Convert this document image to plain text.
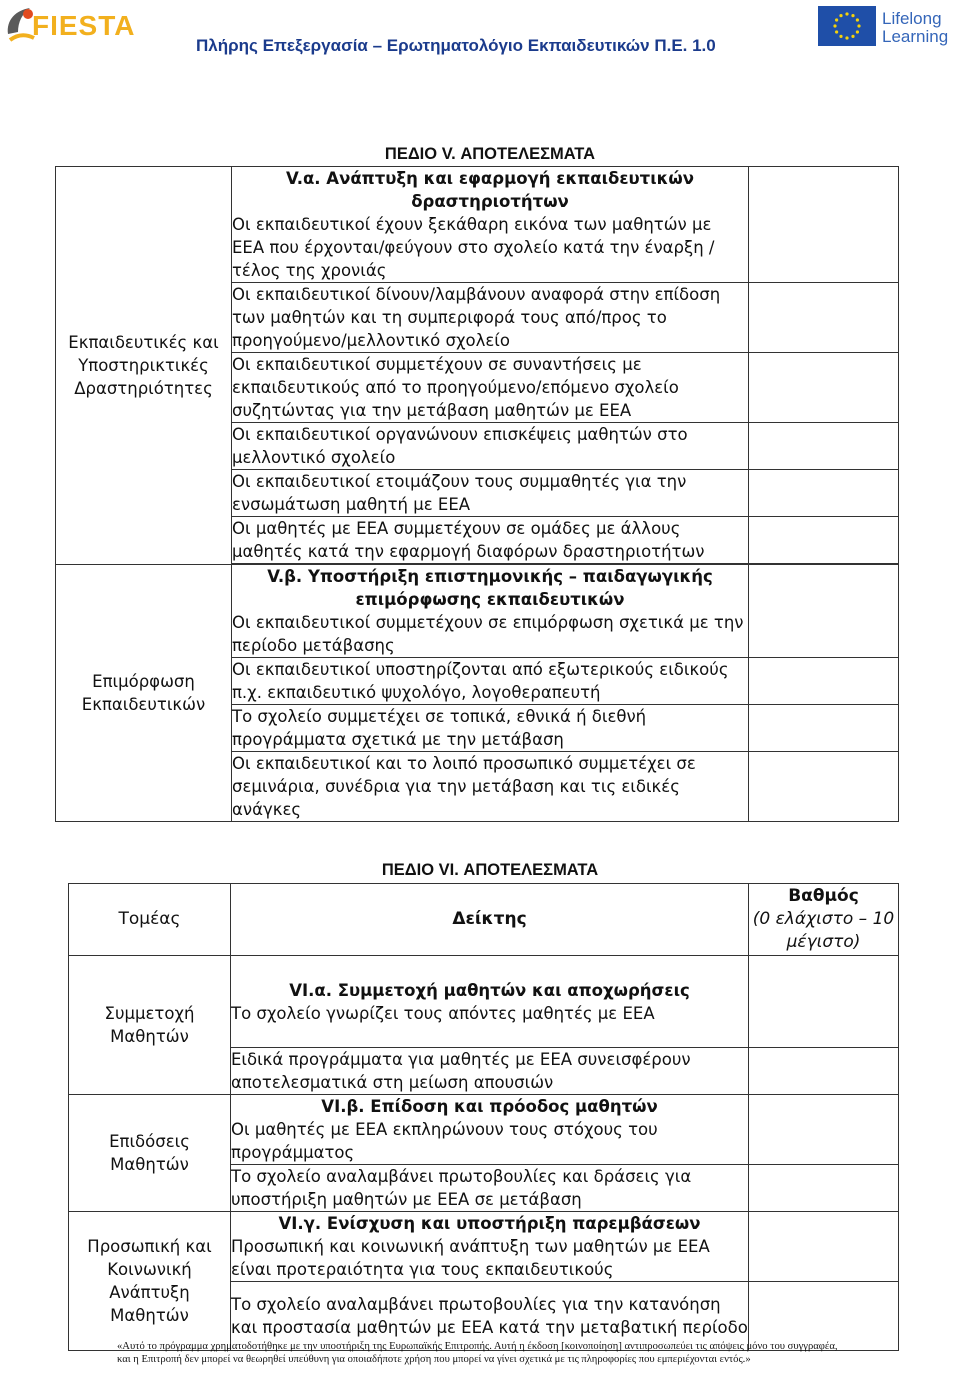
FIESTA
Πλήρης Επεξεργασία – Ερωτηματολόγιο Εκπαιδευτικών Π.Ε. 1.0
Lifelong
Learning
ΠΕΔΙΟ V. ΑΠΟΤΕΛΕΣΜΑΤΑ
Εκπαιδευτικές και Υποστηρικτικές Δραστηριότητες	V.α. Ανάπτυξη και εφαρμογή εκπαιδευτικών δραστηριοτήτων
Οι εκπαιδευτικοί έχουν ξεκάθαρη εικόνα των μαθητών με ΕΕΑ που έρχονται/φεύγουν στο σχολείο κατά την έναρξη /τέλος της χρονιάς	

	Οι εκπαιδευτικοί δίνουν/λαμβάνουν αναφορά στην επίδοση των μαθητών και τη συμπεριφορά τους από/προς το προηγούμενο/μελλοντικό σχολείο	
	Οι εκπαιδευτικοί συμμετέχουν σε συναντήσεις με εκπαιδευτικούς από το προηγούμενο/επόμενο σχολείο συζητώντας για την μετάβαση μαθητών με ΕΕΑ	
	Οι εκπαιδευτικοί οργανώνουν επισκέψεις μαθητών στο μελλοντικό σχολείο	
	Οι εκπαιδευτικοί ετοιμάζουν τους συμμαθητές για την ενσωμάτωση μαθητή με ΕΕΑ	
	Οι μαθητές με ΕΕΑ συμμετέχουν σε ομάδες με άλλους μαθητές κατά την εφαρμογή διαφόρων δραστηριοτήτων	

Επιμόρφωση Εκπαιδευτικών	V.β. Υποστήριξη επιστημονικής – παιδαγωγικής επιμόρφωσης εκπαιδευτικών
Οι εκπαιδευτικοί συμμετέχουν σε επιμόρφωση σχετικά με την περίοδο μετάβασης	

	Οι εκπαιδευτικοί υποστηρίζονται από εξωτερικούς ειδικούς π.χ. εκπαιδευτικό ψυχολόγο, λογοθεραπευτή	
	Το σχολείο συμμετέχει σε τοπικά, εθνικά ή διεθνή προγράμματα σχετικά με την μετάβαση	
	Οι εκπαιδευτικοί και το λοιπό προσωπικό συμμετέχει σε σεμινάρια, συνέδρια για την μετάβαση και τις ειδικές ανάγκες	
ΠΕΔΙΟ VI. ΑΠΟΤΕΛΕΣΜΑΤΑ
Τομέας	Δείκτης	Βαθμός
(0 ελάχιστο – 10 μέγιστο)

Συμμετοχή Μαθητών	VI.α. Συμμετοχή μαθητών και αποχωρήσεις
Το σχολείο γνωρίζει τους απόντες μαθητές με ΕΕΑ	

	Ειδικά προγράμματα για μαθητές με ΕΕΑ συνεισφέρουν αποτελεσματικά στη μείωση απουσιών	
Επιδόσεις Μαθητών	VI.β. Επίδοση και πρόοδος μαθητών
Οι μαθητές με ΕΕΑ εκπληρώνουν τους στόχους του προγράμματος	

	Το σχολείο αναλαμβάνει πρωτοβουλίες και δράσεις για υποστήριξη μαθητών με ΕΕΑ σε μετάβαση	
Προσωπική και Κοινωνική Ανάπτυξη Μαθητών	VI.γ. Ενίσχυση και υποστήριξη παρεμβάσεων
Προσωπική και κοινωνική ανάπτυξη των μαθητών με ΕΕΑ είναι προτεραιότητα για τους εκπαιδευτικούς	

	Το σχολείο αναλαμβάνει πρωτοβουλίες για την κατανόηση και προστασία μαθητών με ΕΕΑ κατά την μεταβατική περίοδο	
«Αυτό το πρόγραμμα χρηματοδοτήθηκε με την υποστήριξη της Ευρωπαϊκής Επιτροπής. Αυτή η έκδοση [κοινοποίηση] αντιπροσωπεύει τις απόψεις μόνο του συγγραφέα, και η Επιτροπή δεν μπορεί να θεωρηθεί υπεύθυνη για οποιαδήποτε χρήση που μπορεί να γίνει σχετικά με τις πληροφορίες που εμπεριέχονται εντός.»
